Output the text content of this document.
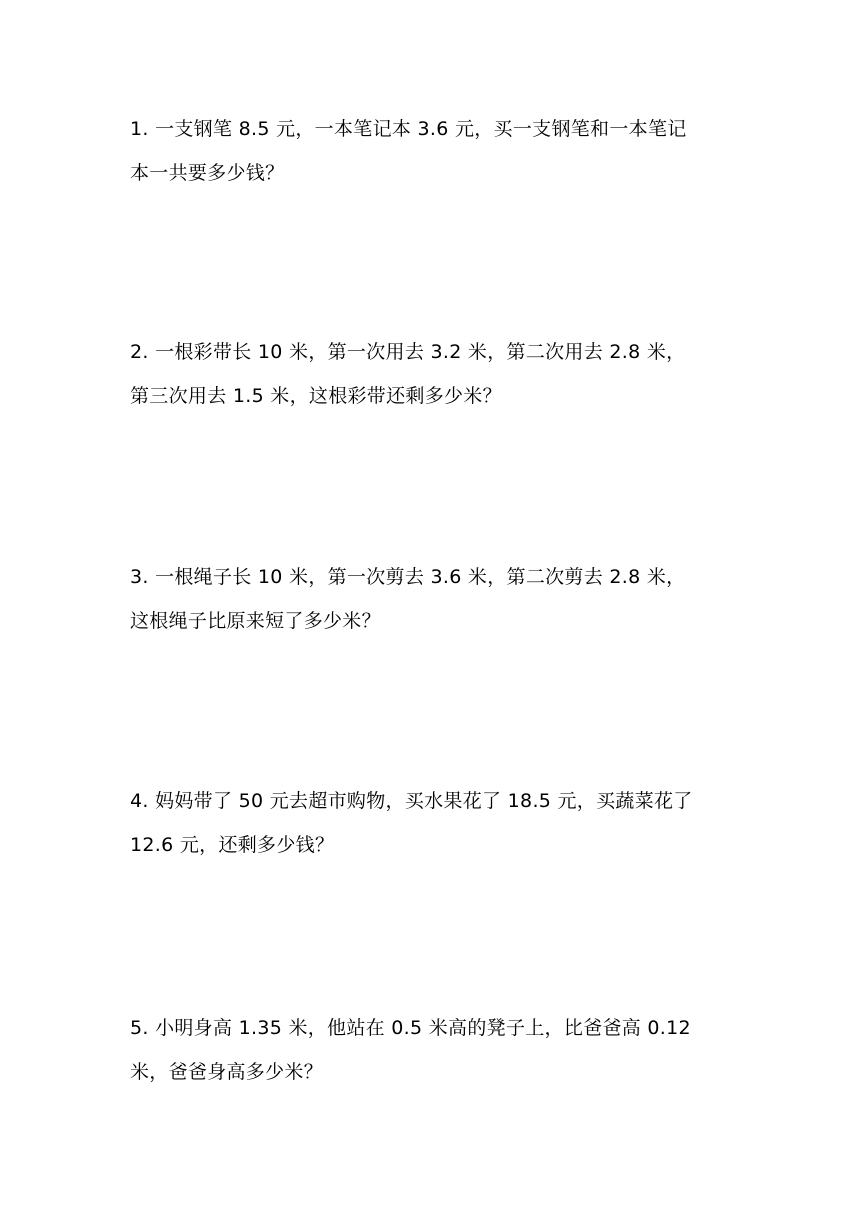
1. 一支钢笔 8.5 元，一本笔记本 3.6 元，买一支钢笔和一本笔记
本一共要多少钱？
2. 一根彩带长 10 米，第一次用去 3.2 米，第二次用去 2.8 米，
第三次用去 1.5 米，这根彩带还剩多少米？
3. 一根绳子长 10 米，第一次剪去 3.6 米，第二次剪去 2.8 米，
这根绳子比原来短了多少米？
4. 妈妈带了 50 元去超市购物，买水果花了 18.5 元，买蔬菜花了
12.6 元，还剩多少钱？
5. 小明身高 1.35 米，他站在 0.5 米高的凳子上，比爸爸高 0.12
米，爸爸身高多少米？
